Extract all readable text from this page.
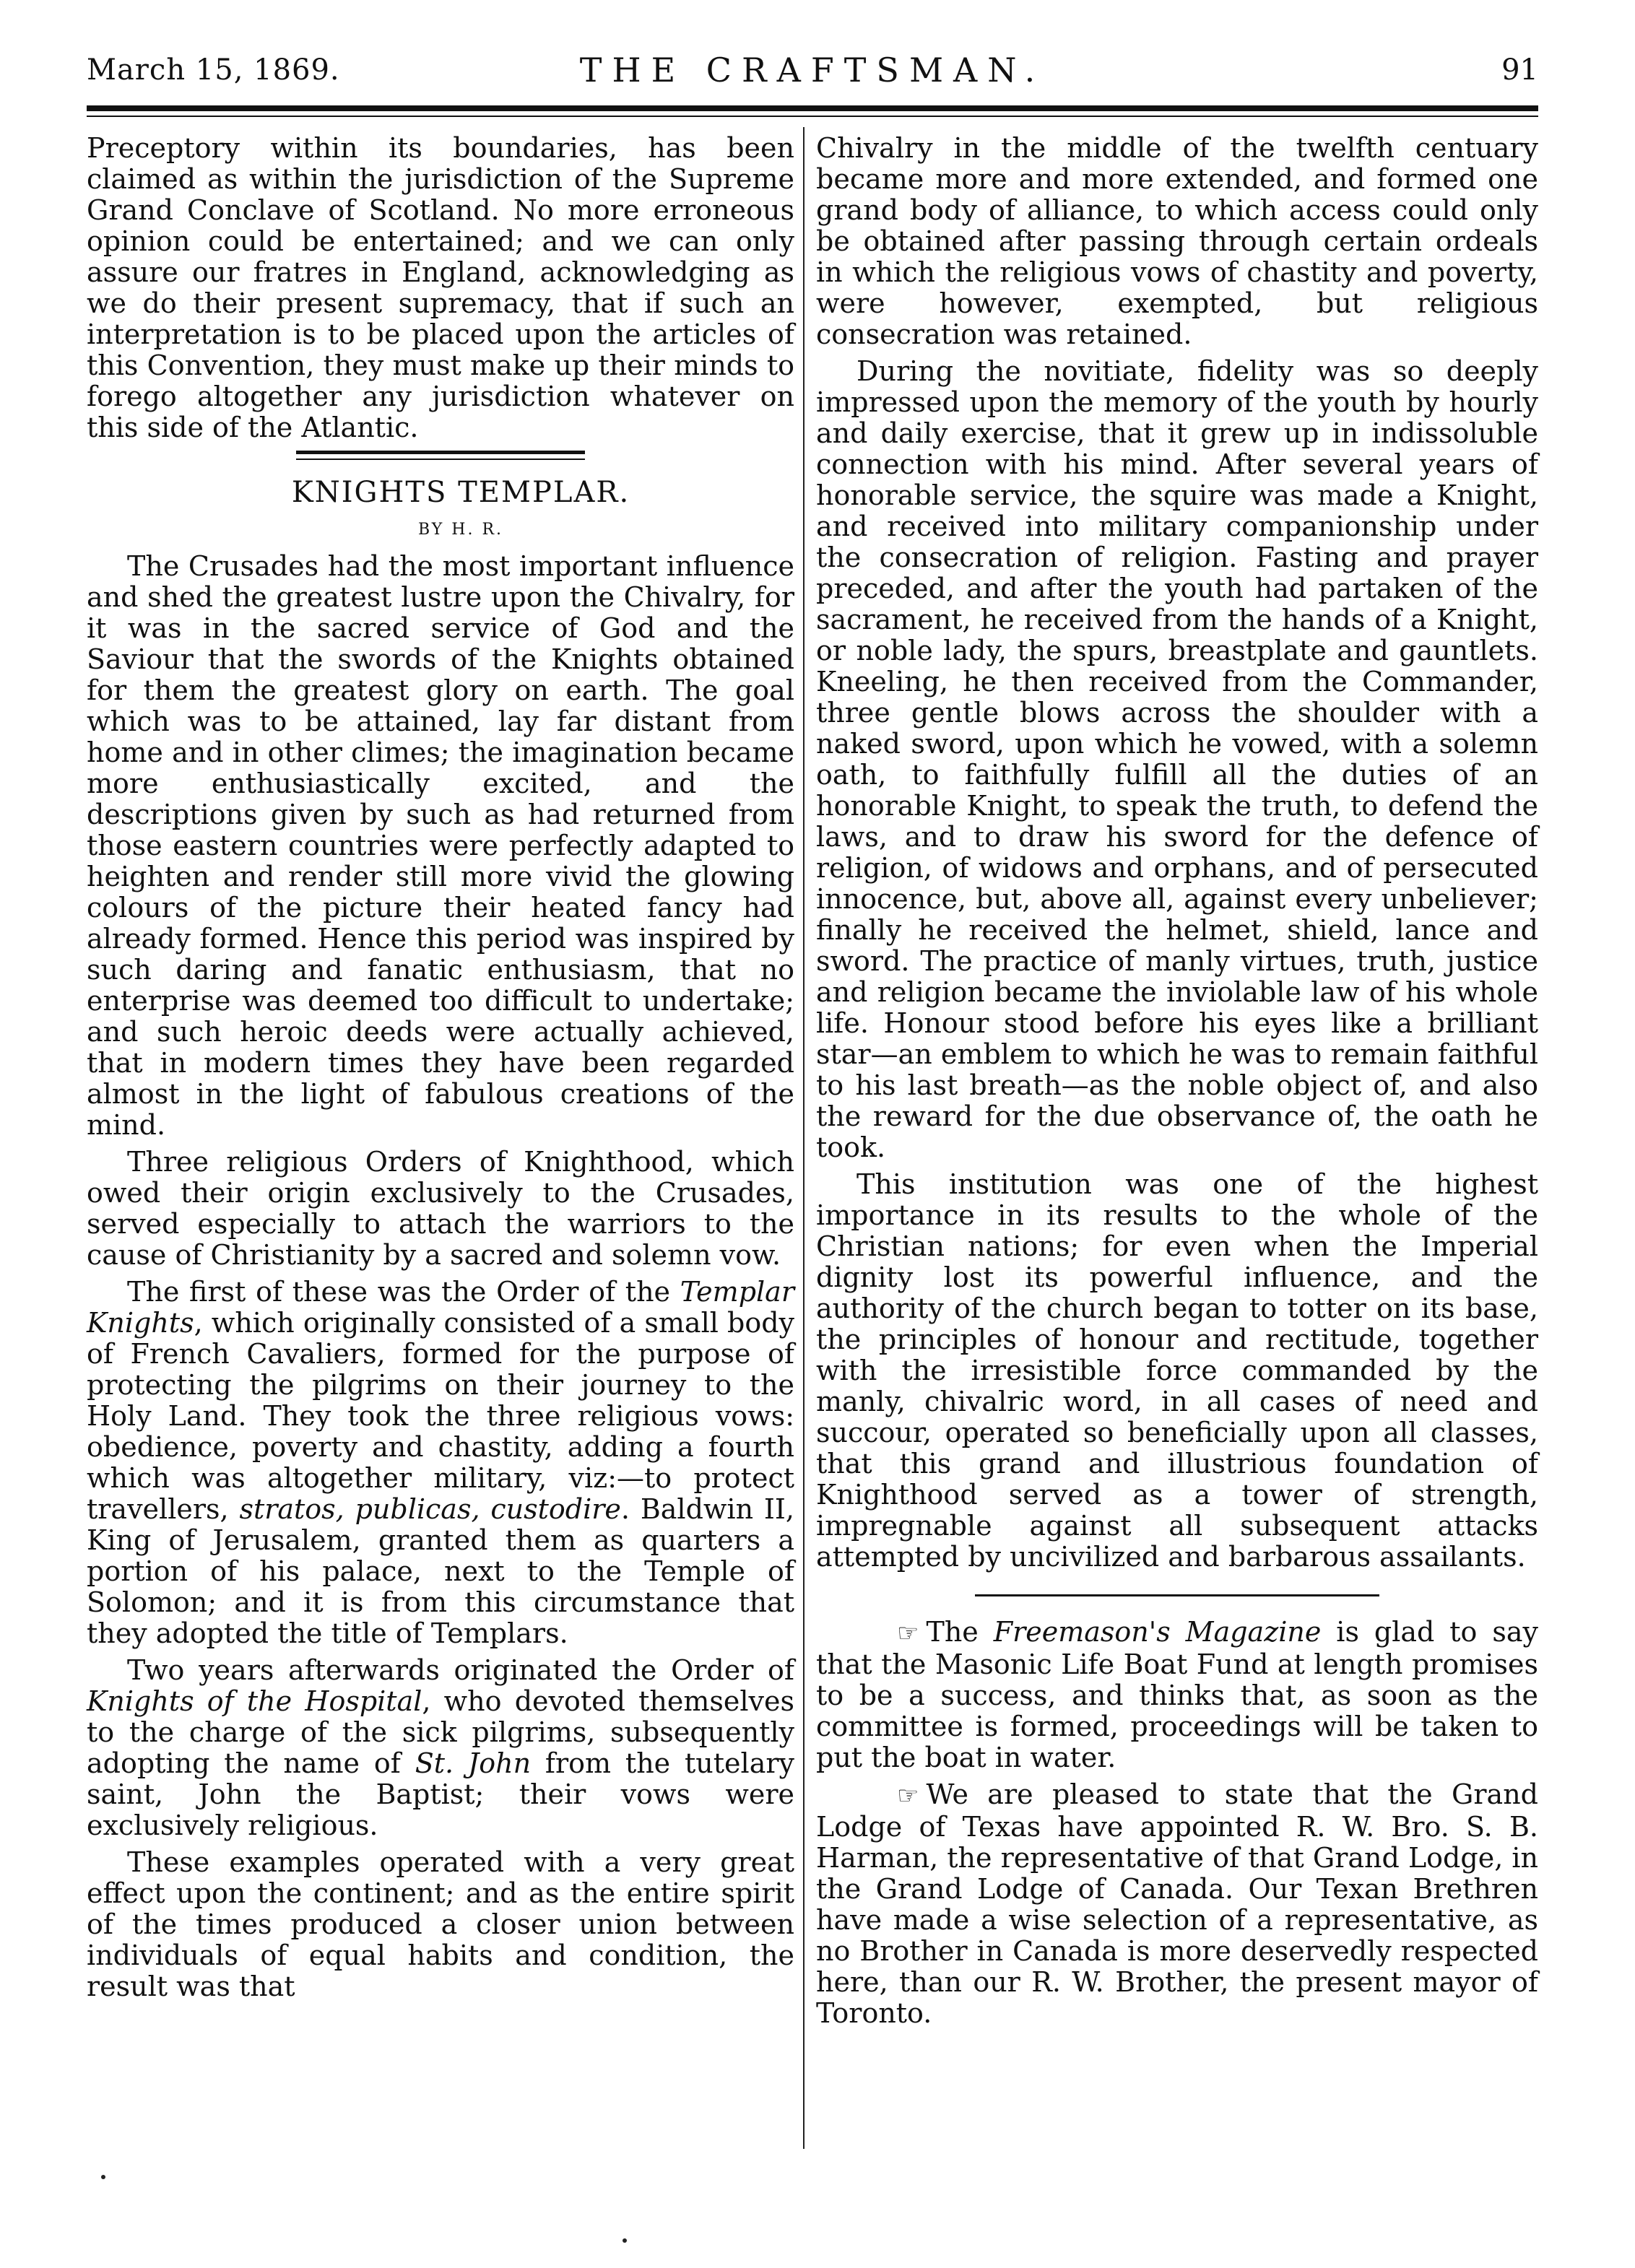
March 15, 1869.	THE CRAFTSMAN.	91

Preceptory within its boundaries, has been claimed as within the jurisdiction of the Supreme Grand Conclave of Scotland. No more erroneous opinion could be entertained; and we can only assure our fratres in England, acknowledging as we do their present supremacy, that if such an interpretation is to be placed upon the articles of this Convention, they must make up their minds to forego altogether any jurisdiction whatever on this side of the Atlantic.

KNIGHTS TEMPLAR.

BY H. R.

The Crusades had the most important influence and shed the greatest lustre upon the Chivalry, for it was in the sacred service of God and the Saviour that the swords of the Knights obtained for them the greatest glory on earth. The goal which was to be attained, lay far distant from home and in other climes; the imagination became more enthusiastically excited, and the descriptions given by such as had returned from those eastern countries were perfectly adapted to heighten and render still more vivid the glowing colours of the picture their heated fancy had already formed. Hence this period was inspired by such daring and fanatic enthusiasm, that no enterprise was deemed too difficult to undertake; and such heroic deeds were actually achieved, that in modern times they have been regarded almost in the light of fabulous creations of the mind.

Three religious Orders of Knighthood, which owed their origin exclusively to the Crusades, served especially to attach the warriors to the cause of Christianity by a sacred and solemn vow.

The first of these was the Order of the Templar Knights, which originally consisted of a small body of French Cavaliers, formed for the purpose of protecting the pilgrims on their journey to the Holy Land. They took the three religious vows: obedience, poverty and chastity, adding a fourth which was altogether military, viz:—to protect travellers, stratos, publicas, custodire. Baldwin II, King of Jerusalem, granted them as quarters a portion of his palace, next to the Temple of Solomon; and it is from this circumstance that they adopted the title of Templars.

Two years afterwards originated the Order of Knights of the Hospital, who devoted themselves to the charge of the sick pilgrims, subsequently adopting the name of St. John from the tutelary saint, John the Baptist; their vows were exclusively religious.

These examples operated with a very great effect upon the continent; and as the entire spirit of the times produced a closer union between individuals of equal habits and condition, the result was that

Chivalry in the middle of the twelfth centuary became more and more extended, and formed one grand body of alliance, to which access could only be obtained after passing through certain ordeals in which the religious vows of chastity and poverty, were however, exempted, but religious consecration was retained.

During the novitiate, fidelity was so deeply impressed upon the memory of the youth by hourly and daily exercise, that it grew up in indissoluble connection with his mind. After several years of honorable service, the squire was made a Knight, and received into military companionship under the consecration of religion. Fasting and prayer preceded, and after the youth had partaken of the sacrament, he received from the hands of a Knight, or noble lady, the spurs, breastplate and gauntlets. Kneeling, he then received from the Commander, three gentle blows across the shoulder with a naked sword, upon which he vowed, with a solemn oath, to faithfully fulfill all the duties of an honorable Knight, to speak the truth, to defend the laws, and to draw his sword for the defence of religion, of widows and orphans, and of persecuted innocence, but, above all, against every unbeliever; finally he received the helmet, shield, lance and sword. The practice of manly virtues, truth, justice and religion became the inviolable law of his whole life. Honour stood before his eyes like a brilliant star—an emblem to which he was to remain faithful to his last breath—as the noble object of, and also the reward for the due observance of, the oath he took.

This institution was one of the highest importance in its results to the whole of the Christian nations; for even when the Imperial dignity lost its powerful influence, and the authority of the church began to totter on its base, the principles of honour and rectitude, together with the irresistible force commanded by the manly, chivalric word, in all cases of need and succour, operated so beneficially upon all classes, that this grand and illustrious foundation of Knighthood served as a tower of strength, impregnable against all subsequent attacks attempted by uncivilized and barbarous assailants.

☞ The Freemason's Magazine is glad to say that the Masonic Life Boat Fund at length promises to be a success, and thinks that, as soon as the committee is formed, proceedings will be taken to put the boat in water.

☞ We are pleased to state that the Grand Lodge of Texas have appointed R. W. Bro. S. B. Harman, the representative of that Grand Lodge, in the Grand Lodge of Canada. Our Texan Brethren have made a wise selection of a representative, as no Brother in Canada is more deservedly respected here, than our R. W. Brother, the present mayor of Toronto.
